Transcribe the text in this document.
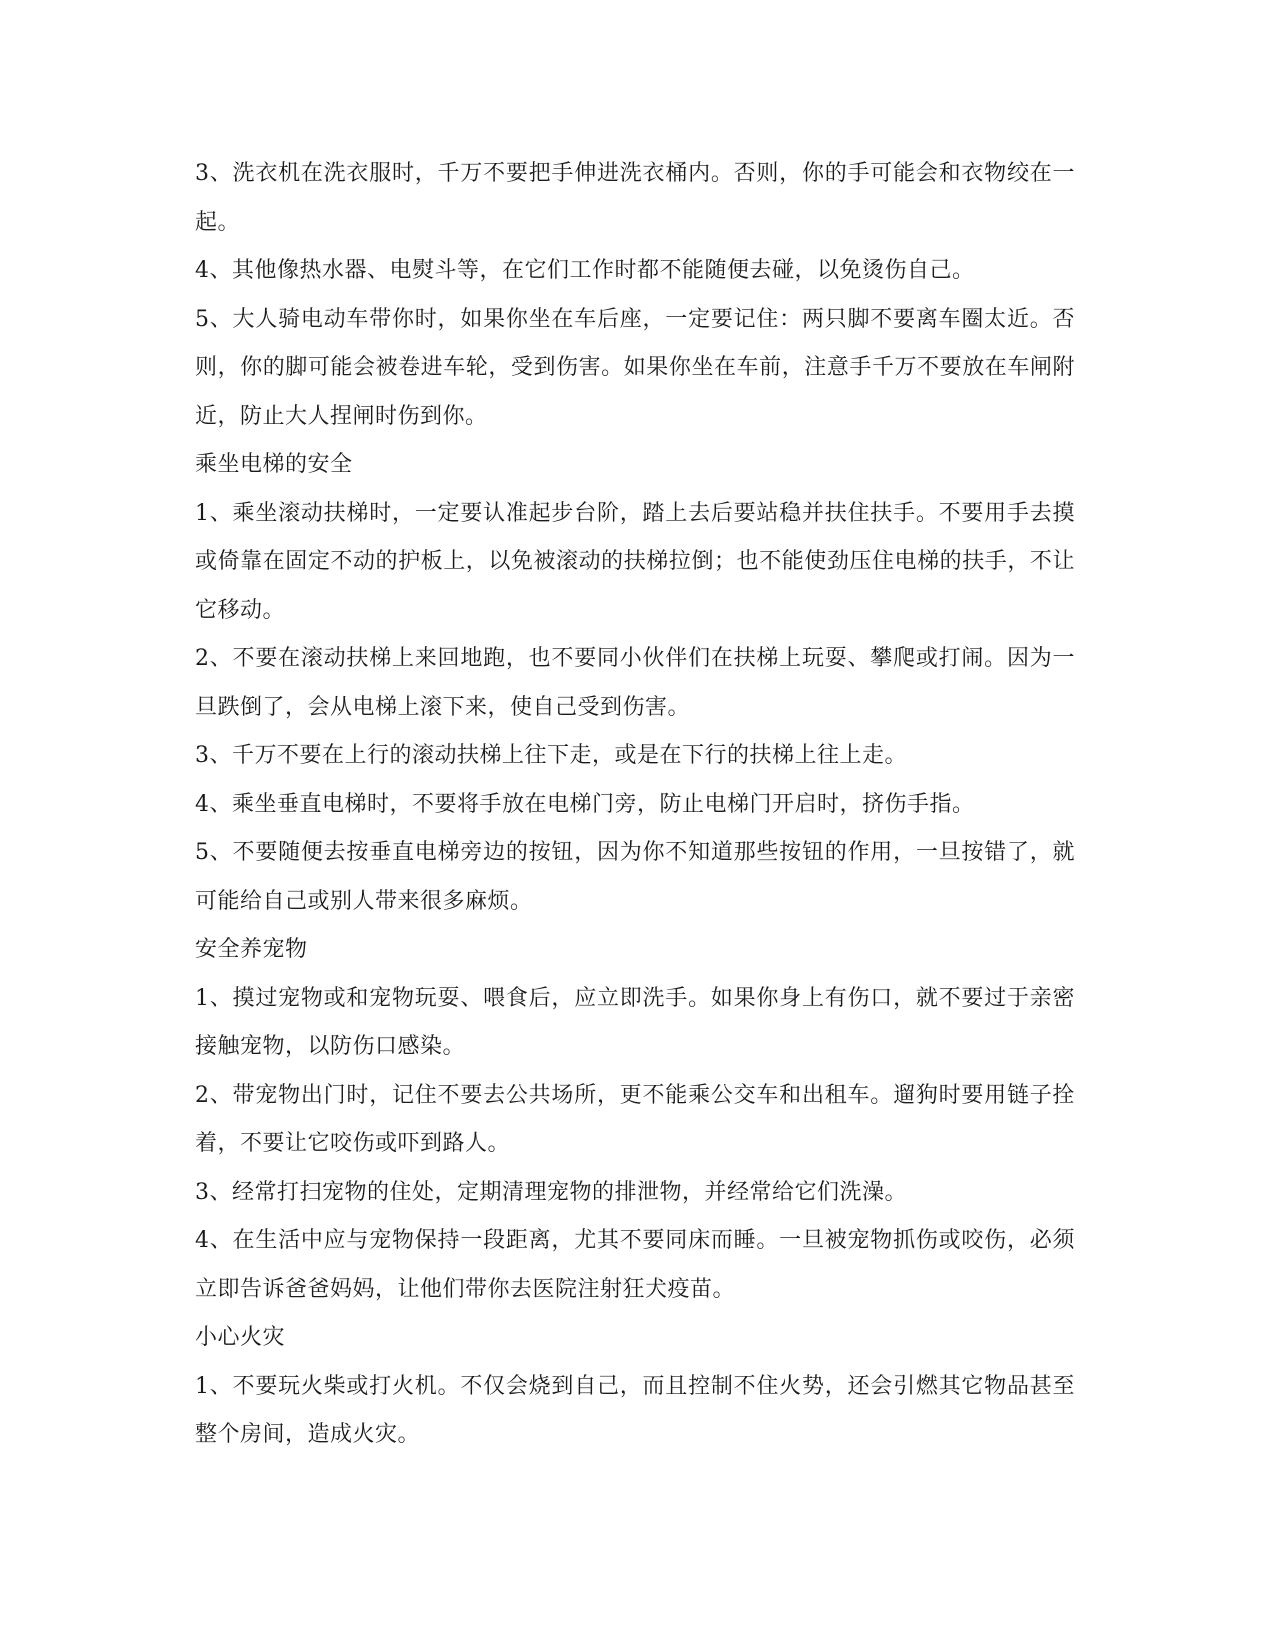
3、洗衣机在洗衣服时，千万不要把手伸进洗衣桶内。否则，你的手可能会和衣物绞在一起。

4、其他像热水器、电熨斗等，在它们工作时都不能随便去碰，以免烫伤自己。

5、大人骑电动车带你时，如果你坐在车后座，一定要记住：两只脚不要离车圈太近。否则，你的脚可能会被卷进车轮，受到伤害。如果你坐在车前，注意手千万不要放在车闸附近，防止大人捏闸时伤到你。

乘坐电梯的安全

1、乘坐滚动扶梯时，一定要认准起步台阶，踏上去后要站稳并扶住扶手。不要用手去摸或倚靠在固定不动的护板上，以免被滚动的扶梯拉倒；也不能使劲压住电梯的扶手，不让它移动。

2、不要在滚动扶梯上来回地跑，也不要同小伙伴们在扶梯上玩耍、攀爬或打闹。因为一旦跌倒了，会从电梯上滚下来，使自己受到伤害。

3、千万不要在上行的滚动扶梯上往下走，或是在下行的扶梯上往上走。

4、乘坐垂直电梯时，不要将手放在电梯门旁，防止电梯门开启时，挤伤手指。

5、不要随便去按垂直电梯旁边的按钮，因为你不知道那些按钮的作用，一旦按错了，就可能给自己或别人带来很多麻烦。

安全养宠物

1、摸过宠物或和宠物玩耍、喂食后，应立即洗手。如果你身上有伤口，就不要过于亲密接触宠物，以防伤口感染。

2、带宠物出门时，记住不要去公共场所，更不能乘公交车和出租车。遛狗时要用链子拴着，不要让它咬伤或吓到路人。

3、经常打扫宠物的住处，定期清理宠物的排泄物，并经常给它们洗澡。

4、在生活中应与宠物保持一段距离，尤其不要同床而睡。一旦被宠物抓伤或咬伤，必须立即告诉爸爸妈妈，让他们带你去医院注射狂犬疫苗。

小心火灾

1、不要玩火柴或打火机。不仅会烧到自己，而且控制不住火势，还会引燃其它物品甚至整个房间，造成火灾。
